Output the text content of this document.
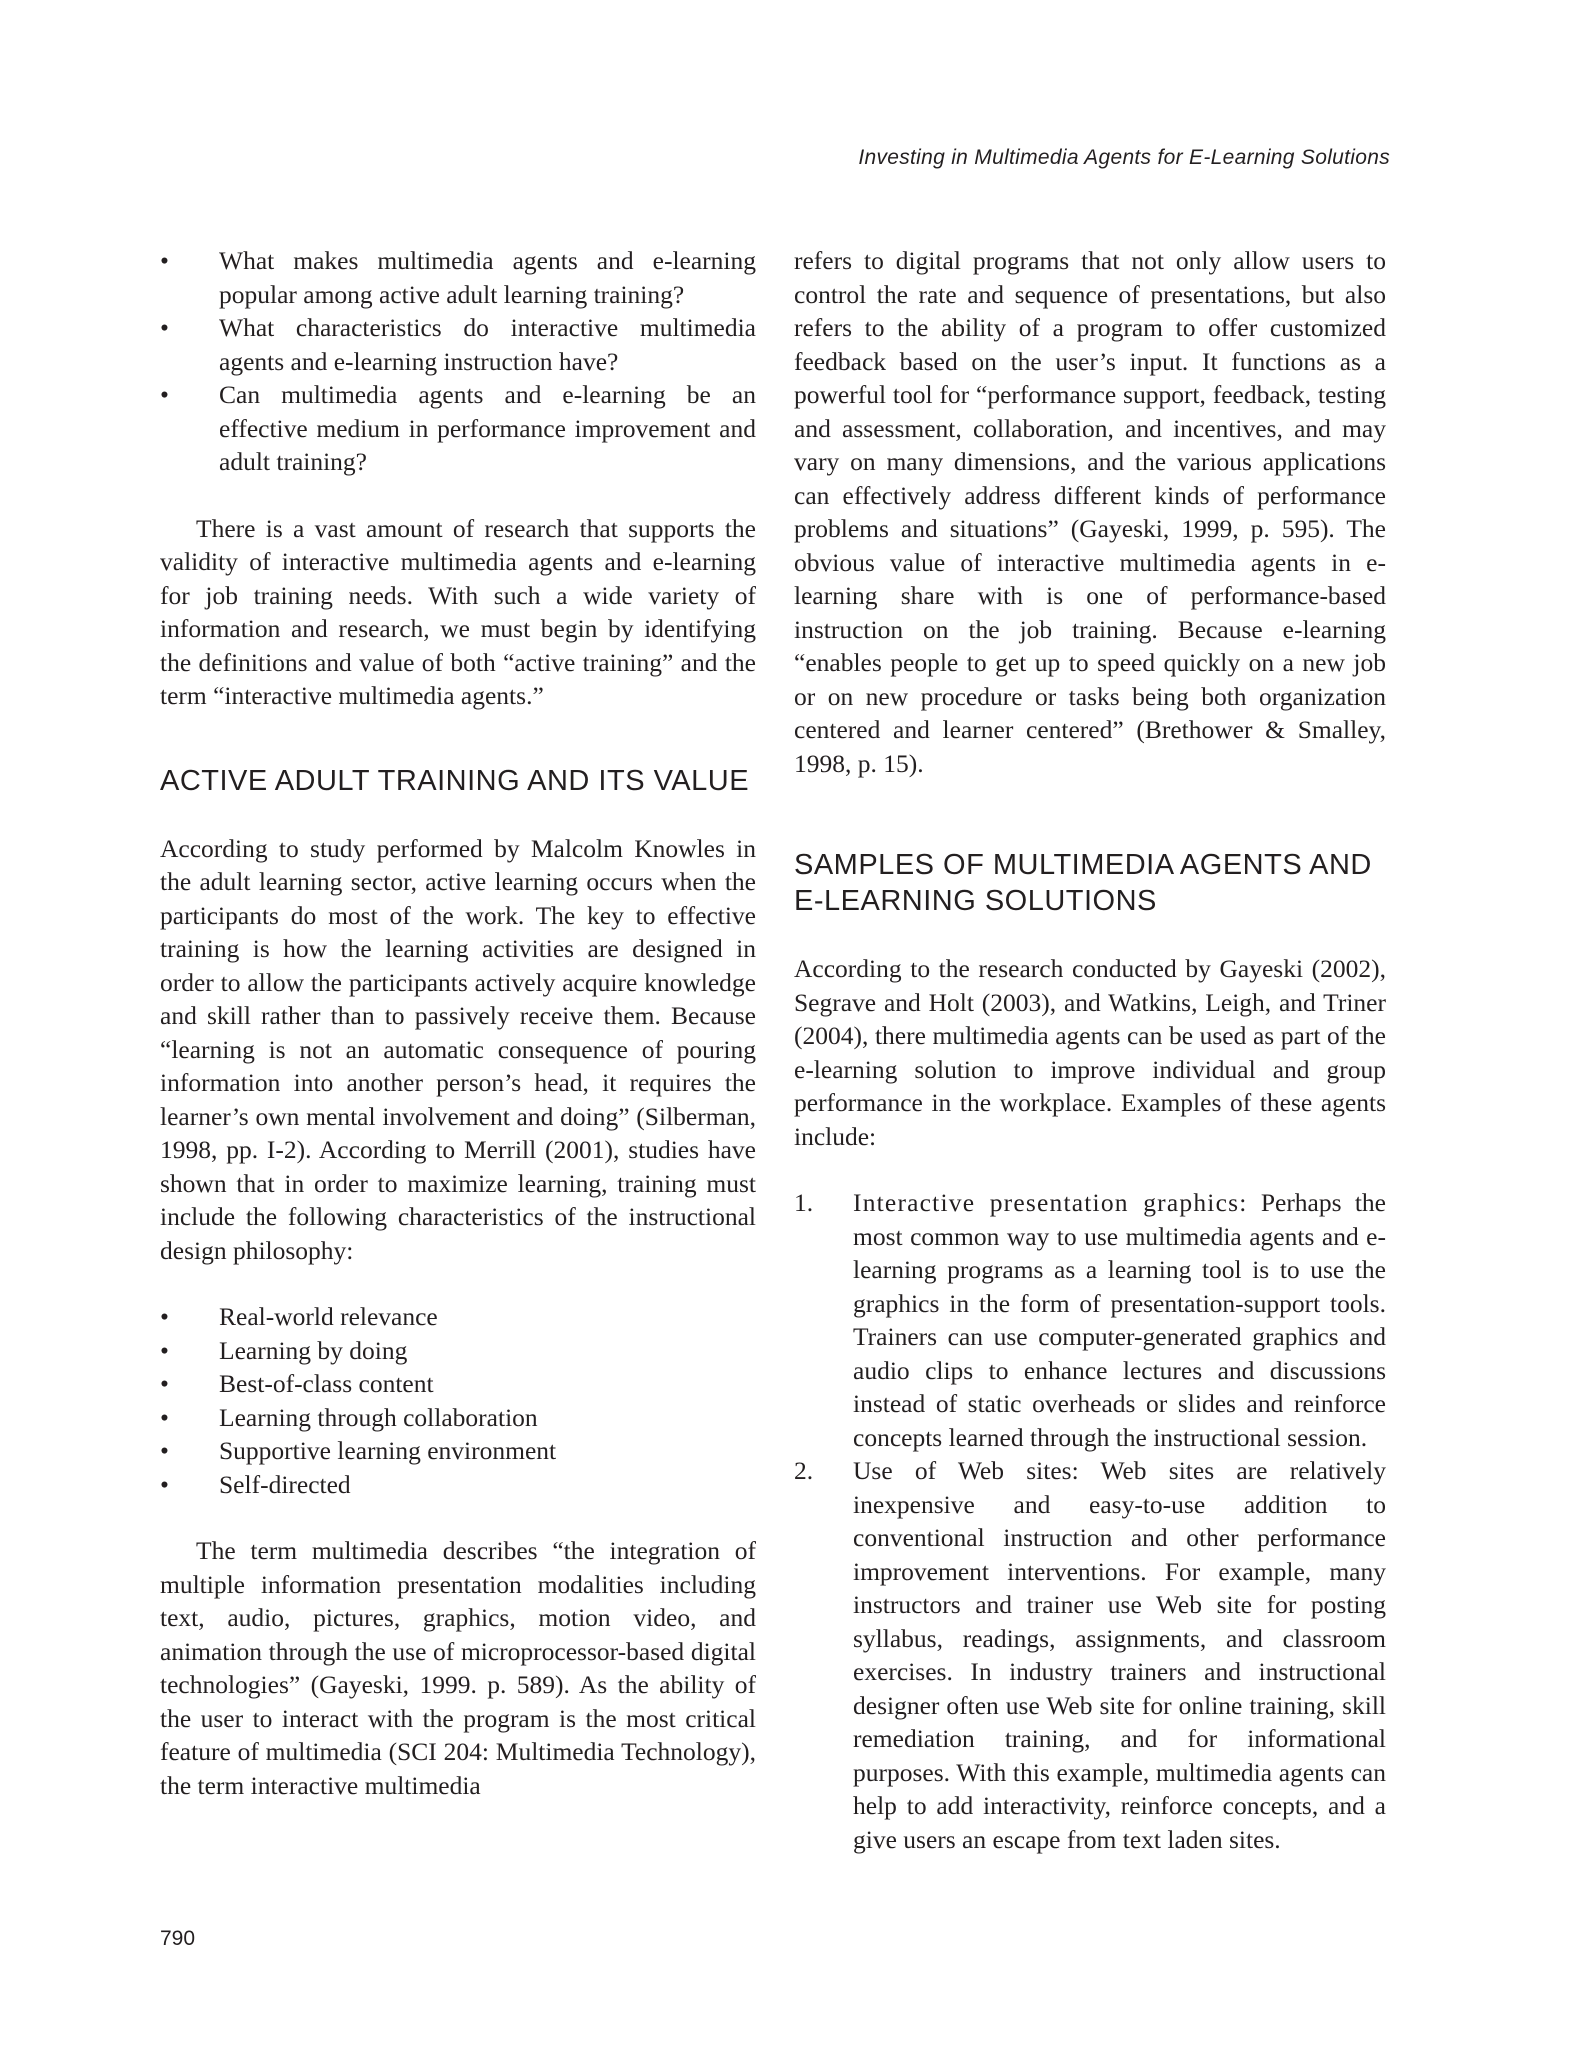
Investing in Multimedia Agents for E-Learning Solutions
• What makes multimedia agents and e-learning popular among active adult learning training?
• What characteristics do interactive multimedia agents and e-learning instruction have?
• Can multimedia agents and e-learning be an effective medium in performance improvement and adult training?

There is a vast amount of research that supports the validity of interactive multimedia agents and e-learning for job training needs. With such a wide variety of information and research, we must begin by identifying the definitions and value of both “active training” and the term “interactive multimedia agents.”

ACTIVE ADULT TRAINING AND ITS VALUE

According to study performed by Malcolm Knowles in the adult learning sector, active learning occurs when the participants do most of the work. The key to effective training is how the learning activities are designed in order to allow the participants actively acquire knowledge and skill rather than to passively receive them. Because “learning is not an automatic consequence of pouring information into another person’s head, it requires the learner’s own mental involvement and doing” (Silberman, 1998, pp. I-2). According to Merrill (2001), studies have shown that in order to maximize learning, training must include the following characteristics of the instructional design philosophy:

• Real-world relevance
• Learning by doing
• Best-of-class content
• Learning through collaboration
• Supportive learning environment
• Self-directed

The term multimedia describes “the integration of multiple information presentation modalities including text, audio, pictures, graphics, motion video, and animation through the use of microprocessor-based digital technologies” (Gayeski, 1999. p. 589). As the ability of the user to interact with the program is the most critical feature of multimedia (SCI 204: Multimedia Technology), the term interactive multimedia

refers to digital programs that not only allow users to control the rate and sequence of presentations, but also refers to the ability of a program to offer customized feedback based on the user’s input. It functions as a powerful tool for “performance support, feedback, testing and assessment, collaboration, and incentives, and may vary on many dimensions, and the various applications can effectively address different kinds of performance problems and situations” (Gayeski, 1999, p. 595). The obvious value of interactive multimedia agents in e-learning share with is one of performance-based instruction on the job training. Because e-learning “enables people to get up to speed quickly on a new job or on new procedure or tasks being both organization centered and learner centered” (Brethower & Smalley, 1998, p. 15).

SAMPLES OF MULTIMEDIA AGENTS AND E-LEARNING SOLUTIONS

According to the research conducted by Gayeski (2002), Segrave and Holt (2003), and Watkins, Leigh, and Triner (2004), there multimedia agents can be used as part of the e-learning solution to improve individual and group performance in the workplace. Examples of these agents include:

1. Interactive presentation graphics: Perhaps the most common way to use multimedia agents and e-learning programs as a learning tool is to use the graphics in the form of presentation-support tools. Trainers can use computer-generated graphics and audio clips to enhance lectures and discussions instead of static overheads or slides and reinforce concepts learned through the instructional session.
2. Use of Web sites: Web sites are relatively inexpensive and easy-to-use addition to conventional instruction and other performance improvement interventions. For example, many instructors and trainer use Web site for posting syllabus, readings, assignments, and classroom exercises. In industry trainers and instructional designer often use Web site for online training, skill remediation training, and for informational purposes. With this example, multimedia agents can help to add interactivity, reinforce concepts, and a give users an escape from text laden sites.
790
